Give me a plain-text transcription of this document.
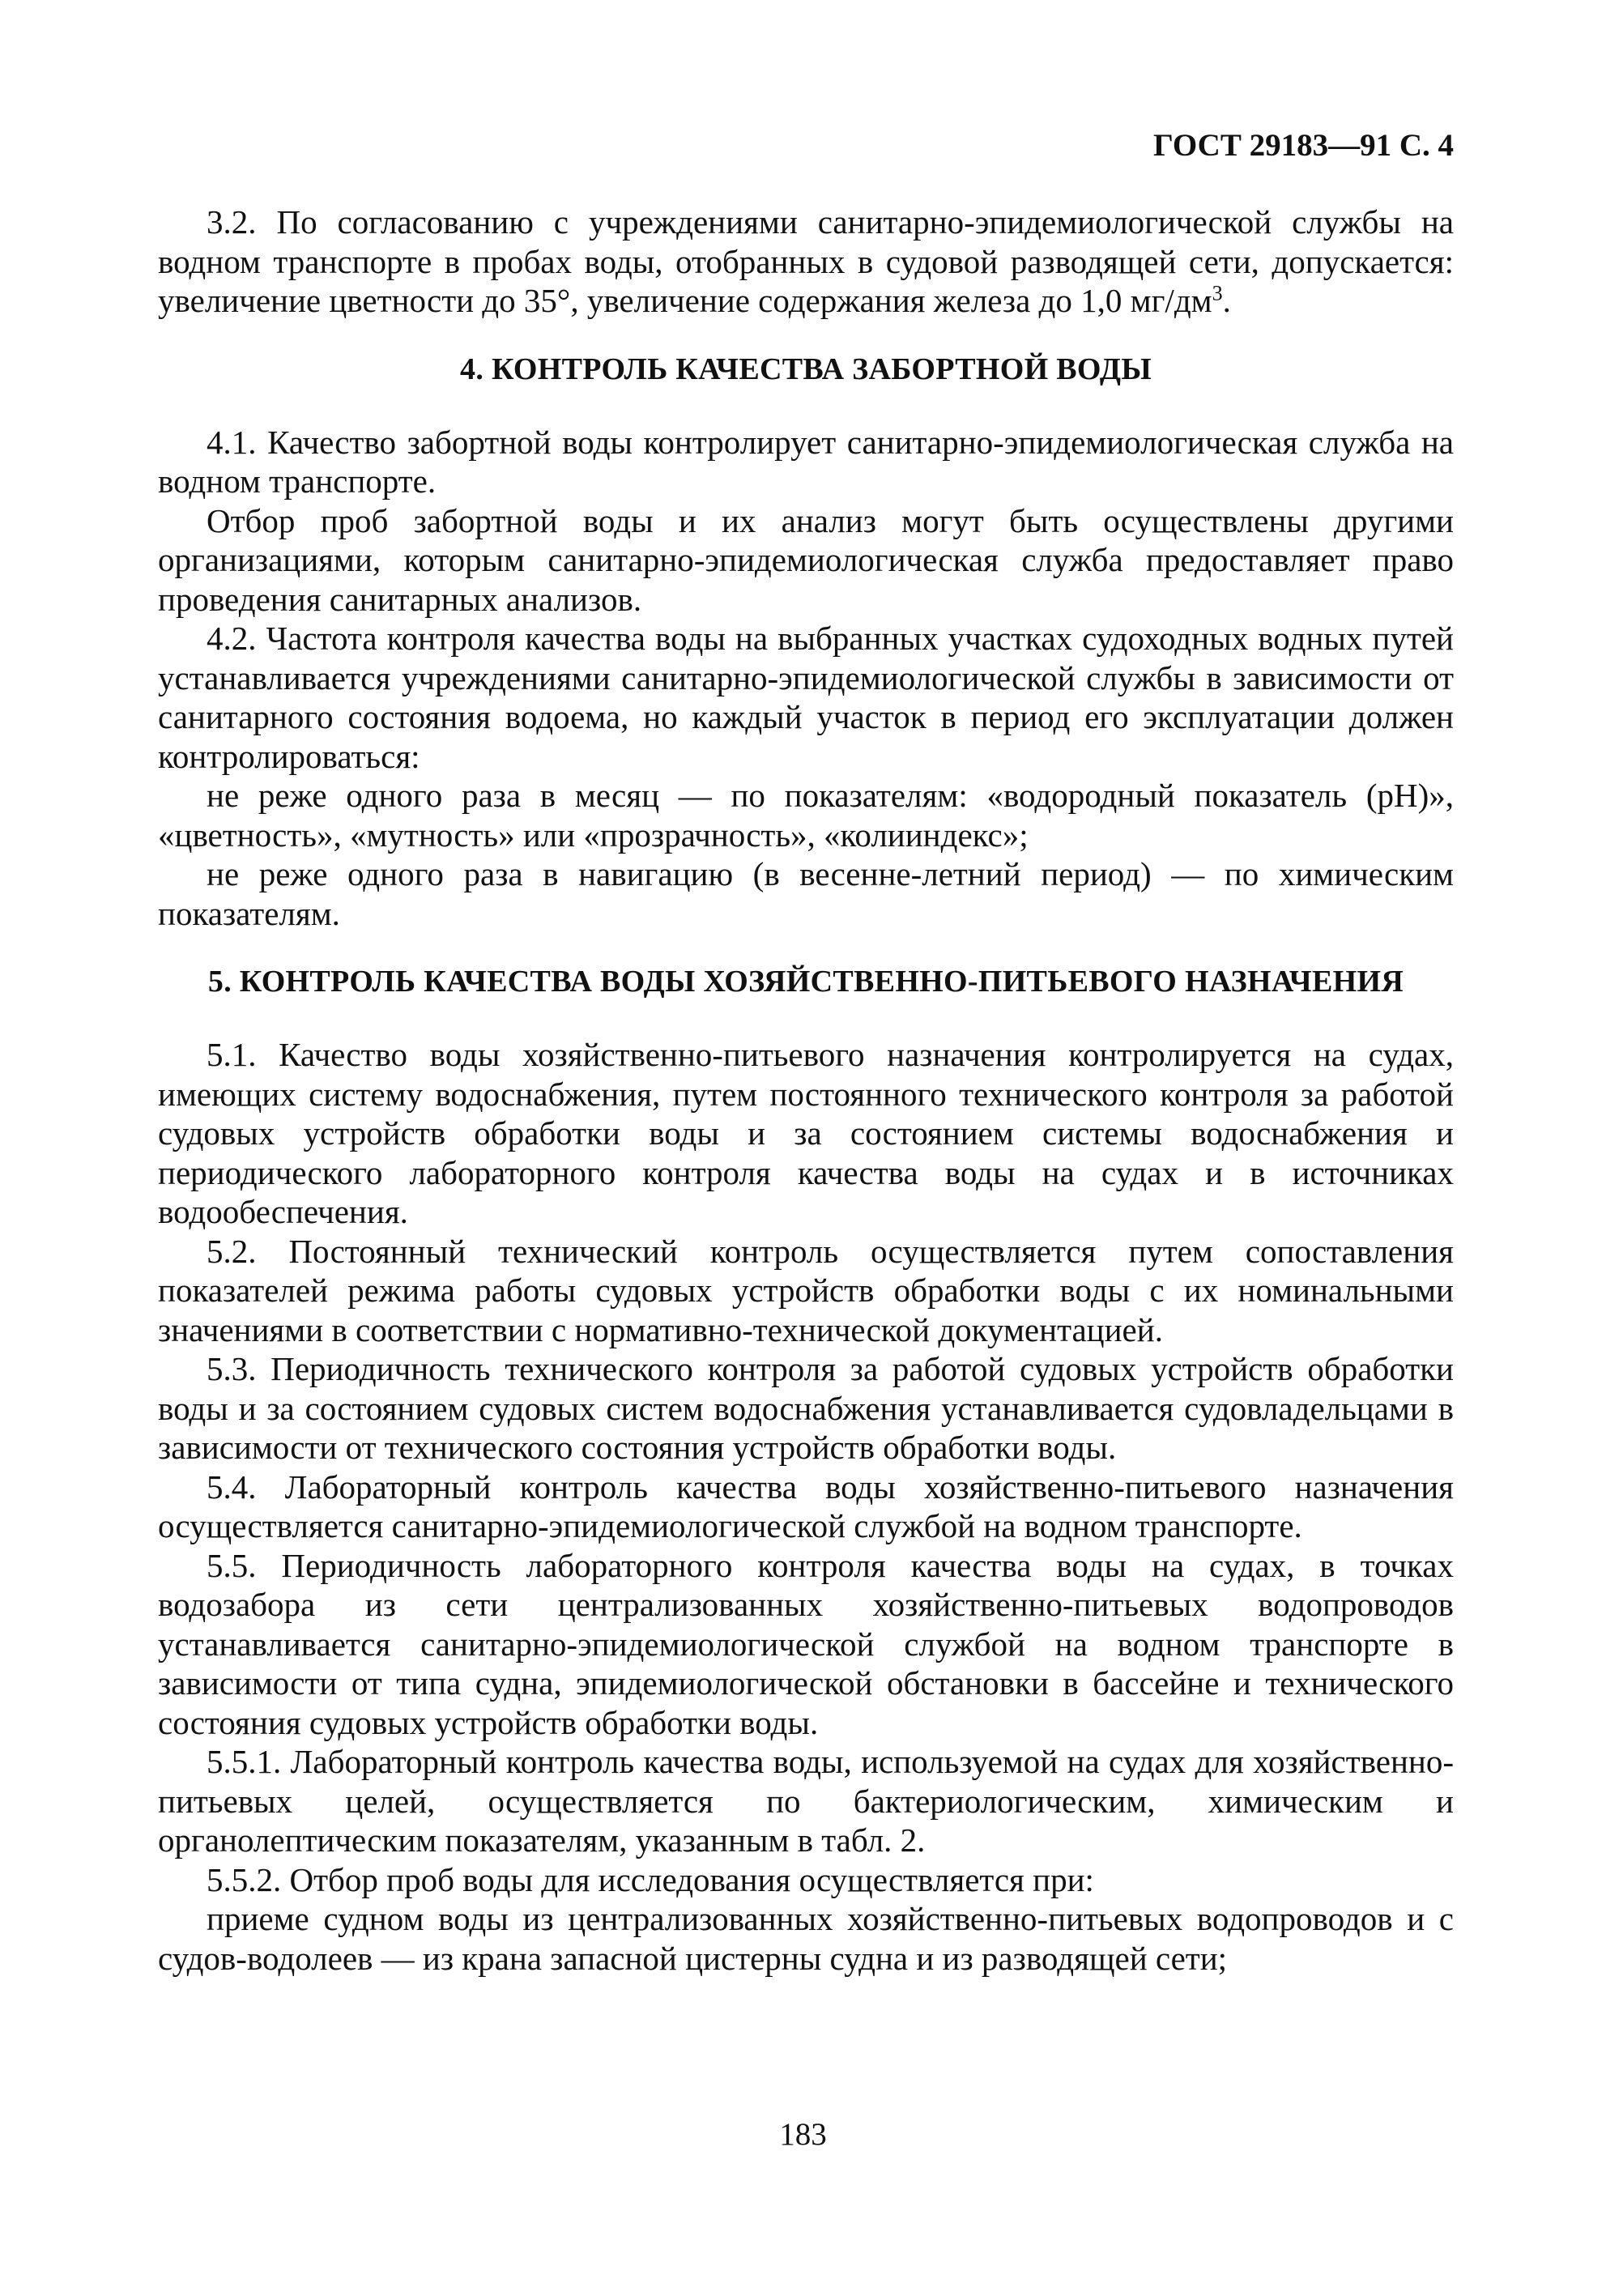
ГОСТ 29183—91 С. 4

3.2. По согласованию с учреждениями санитарно-эпидемиологической службы на водном транспорте в пробах воды, отобранных в судовой разводящей сети, допускается: увеличение цветности до 35°, увеличение содержания железа до 1,0 $мг/дм^3$.

4. КОНТРОЛЬ КАЧЕСТВА ЗАБОРТНОЙ ВОДЫ

4.1. Качество забортной воды контролирует санитарно-эпидемиологическая служба на водном транспорте.

Отбор проб забортной воды и их анализ могут быть осуществлены другими организациями, которым санитарно-эпидемиологическая служба предоставляет право проведения санитарных анализов.

4.2. Частота контроля качества воды на выбранных участках судоходных водных путей устанавливается учреждениями санитарно-эпидемиологической службы в зависимости от санитарного состояния водоема, но каждый участок в период его эксплуатации должен контролироваться:

не реже одного раза в месяц — по показателям: «водородный показатель (pH)», «цветность», «мутность» или «прозрачность», «колииндекс»;

не реже одного раза в навигацию (в весенне-летний период) — по химическим показателям.

5. КОНТРОЛЬ КАЧЕСТВА ВОДЫ ХОЗЯЙСТВЕННО-ПИТЬЕВОГО НАЗНАЧЕНИЯ

5.1. Качество воды хозяйственно-питьевого назначения контролируется на судах, имеющих систему водоснабжения, путем постоянного технического контроля за работой судовых устройств обработки воды и за состоянием системы водоснабжения и периодического лабораторного контроля качества воды на судах и в источниках водообеспечения.

5.2. Постоянный технический контроль осуществляется путем сопоставления показателей режима работы судовых устройств обработки воды с их номинальными значениями в соответствии с нормативно-технической документацией.

5.3. Периодичность технического контроля за работой судовых устройств обработки воды и за состоянием судовых систем водоснабжения устанавливается судовладельцами в зависимости от технического состояния устройств обработки воды.

5.4. Лабораторный контроль качества воды хозяйственно-питьевого назначения осуществляется санитарно-эпидемиологической службой на водном транспорте.

5.5. Периодичность лабораторного контроля качества воды на судах, в точках водозабора из сети централизованных хозяйственно-питьевых водопроводов устанавливается санитарно-эпидемиологической службой на водном транспорте в зависимости от типа судна, эпидемиологической обстановки в бассейне и технического состояния судовых устройств обработки воды.

5.5.1. Лабораторный контроль качества воды, используемой на судах для хозяйственно-питьевых целей, осуществляется по бактериологическим, химическим и органолептическим показателям, указанным в табл. 2.

5.5.2. Отбор проб воды для исследования осуществляется при:

приеме судном воды из централизованных хозяйственно-питьевых водопроводов и с судов-водолеев — из крана запасной цистерны судна и из разводящей сети;

183
